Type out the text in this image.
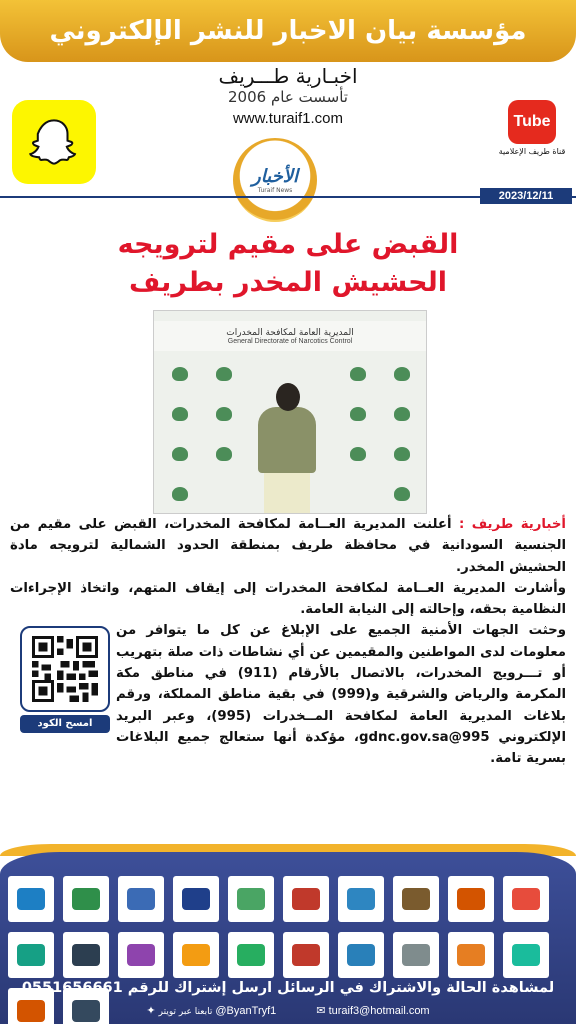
مؤسسة بيان الاخبار للنشر الإلكتروني
اخبـارية طـــريف
تأسست عام 2006
www.turaif1.com	Tube
قناة طريف الإعلامية
الأخبار
Turaif News	2023/12/11
القبض على مقيم لترويجه
الحشيش المخدر بطريف
المديرية العامة لمكافحة المخدرات
General Directorate of Narcotics Control

أخبارية طريف : أعلنت المديرية العــامة لمكافحة المخدرات، القبض على مقيم من الجنسية السودانية في محافظة طريف بمنطقة الحدود الشمالية لترويجه مادة الحشيش المخدر.

وأشارت المديرية العــامة لمكافحة المخدرات إلى إيقاف المتهم، واتخاذ الإجراءات النظامية بحقه، وإحالته إلى النيابة العامة.

امسح الكود

وحثت الجهات الأمنية الجميع على الإبلاغ عن كل ما يتوافر من معلومات لدى المواطنين والمقيمين عن أي نشاطات ذات صلة بتهريب أو تـــرويج المخدرات، بالاتصال بالأرقام (911) في مناطق مكة المكرمة والرياض والشرقية و(999) في بقية مناطق المملكة، ورقم بلاغات المديرية العامة لمكافحة المــخدرات (995)، وعبر البريد الإلكتروني 995@gdnc.gov.sa، مؤكدة أنها ستعالج جميع البلاغات بسرية تامة.

لمشاهدة الحالة والاشتراك في الرسائل ارسل إشتراك للرقم 0551656661
✦ تابعنا عبر تويتر @ByanTryf1	✉ turaif3@hotmail.com
